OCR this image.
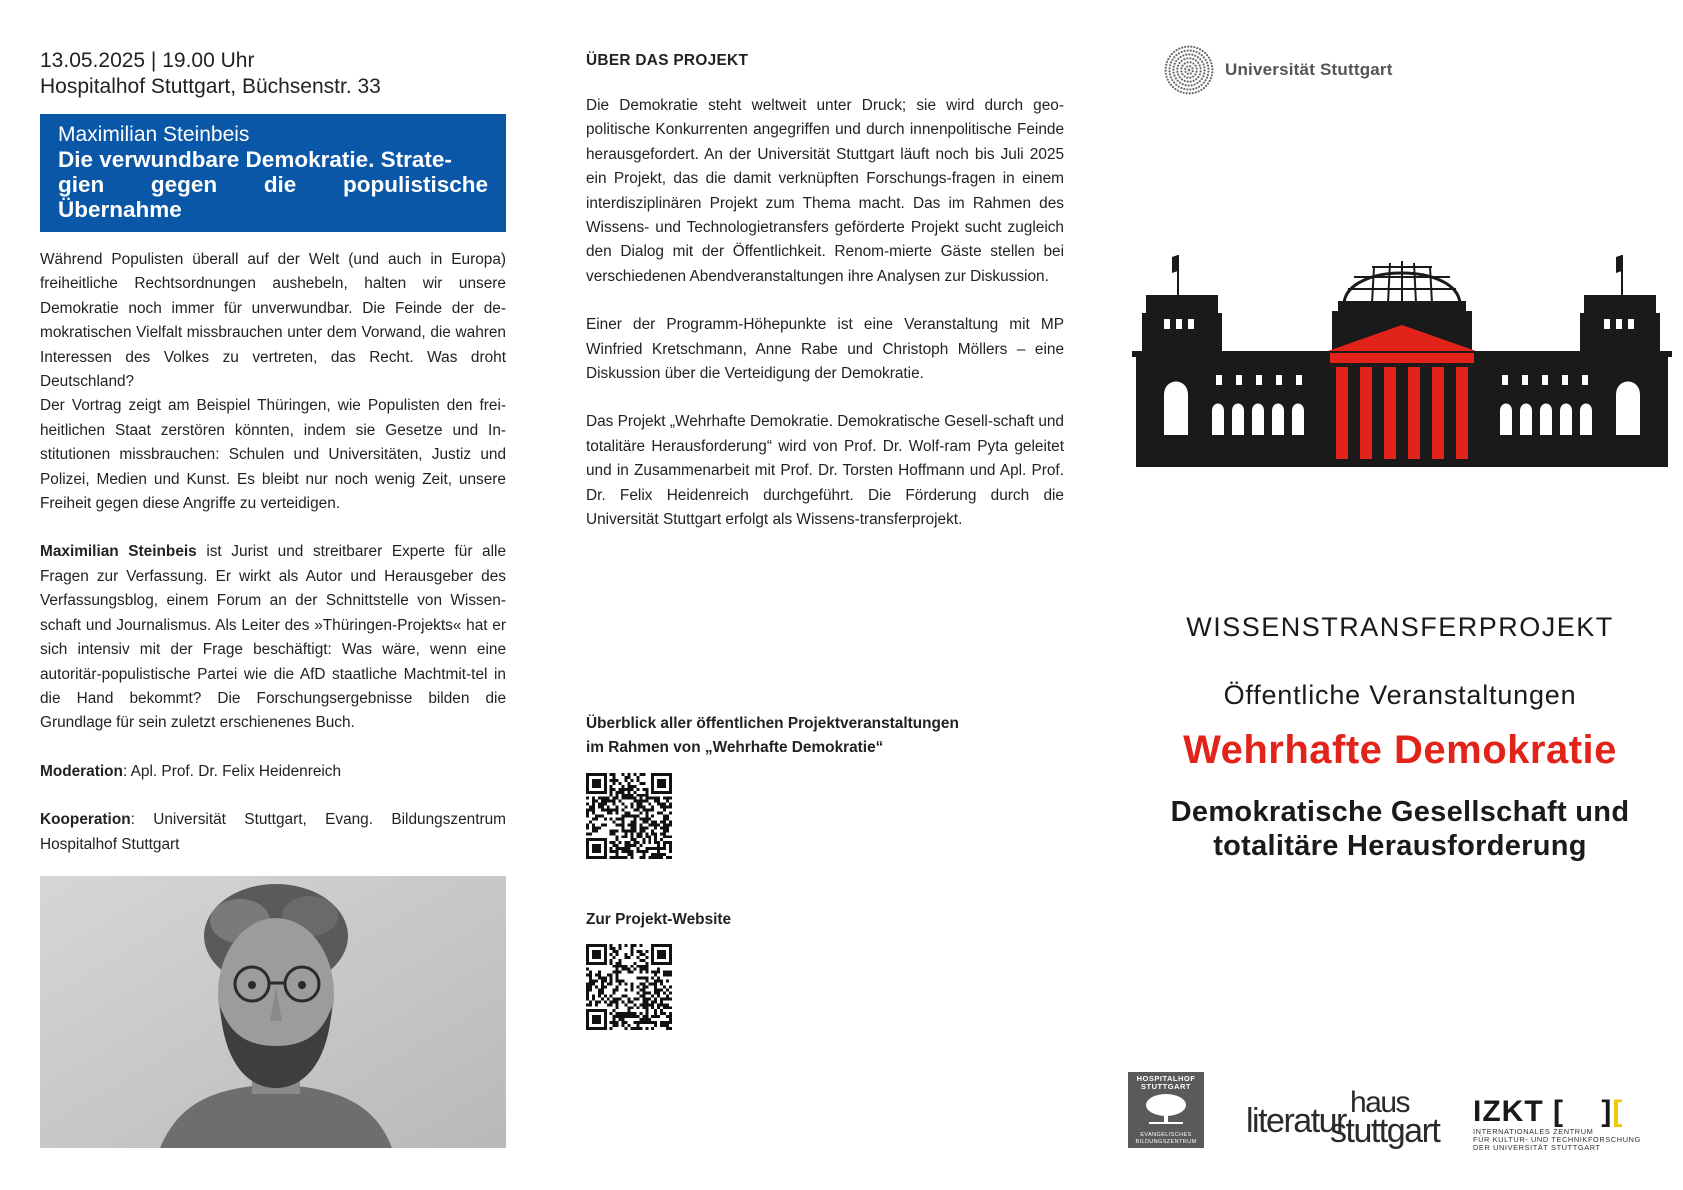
13.05.2025 | 19.00 Uhr
Hospitalhof Stuttgart, Büchsenstr. 33
Maximilian Steinbeis
Die verwundbare Demokratie. Strate-
gien gegen die populistische Übernahme

Während Populisten überall auf der Welt (und auch in Europa) freiheitliche Rechtsordnungen aushebeln, halten wir unsere Demokratie noch immer für unverwundbar. Die Feinde der de-mokratischen Vielfalt missbrauchen unter dem Vorwand, die wahren Interessen des Volkes zu vertreten, das Recht. Was droht Deutschland?

Der Vortrag zeigt am Beispiel Thüringen, wie Populisten den frei-heitlichen Staat zerstören könnten, indem sie Gesetze und In-stitutionen missbrauchen: Schulen und Universitäten, Justiz und Polizei, Medien und Kunst. Es bleibt nur noch wenig Zeit, unsere Freiheit gegen diese Angriffe zu verteidigen.

Maximilian Steinbeis ist Jurist und streitbarer Experte für alle Fragen zur Verfassung. Er wirkt als Autor und Herausgeber des Verfassungsblog, einem Forum an der Schnittstelle von Wissen-schaft und Journalismus. Als Leiter des »Thüringen-Projekts« hat er sich intensiv mit der Frage beschäftigt: Was wäre, wenn eine autoritär-populistische Partei wie die AfD staatliche Machtmit-tel in die Hand bekommt? Die Forschungsergebnisse bilden die Grundlage für sein zuletzt erschienenes Buch.

Moderation: Apl. Prof. Dr. Felix Heidenreich

Kooperation: Universität Stuttgart, Evang. Bildungszentrum Hospitalhof Stuttgart

ÜBER DAS PROJEKT

Die Demokratie steht weltweit unter Druck; sie wird durch geo-politische Konkurrenten angegriffen und durch innenpolitische Feinde herausgefordert. An der Universität Stuttgart läuft noch bis Juli 2025 ein Projekt, das die damit verknüpften Forschungs-fragen in einem interdisziplinären Projekt zum Thema macht. Das im Rahmen des Wissens- und Technologietransfers geförderte Projekt sucht zugleich den Dialog mit der Öffentlichkeit. Renom-mierte Gäste stellen bei verschiedenen Abendveranstaltungen ihre Analysen zur Diskussion.

Einer der Programm-Höhepunkte ist eine Veranstaltung mit MP Winfried Kretschmann, Anne Rabe und Christoph Möllers – eine Diskussion über die Verteidigung der Demokratie.

Das Projekt „Wehrhafte Demokratie. Demokratische Gesell-schaft und totalitäre Herausforderung“ wird von Prof. Dr. Wolf-ram Pyta geleitet und in Zusammenarbeit mit Prof. Dr. Torsten Hoffmann und Apl. Prof. Dr. Felix Heidenreich durchgeführt. Die Förderung durch die Universität Stuttgart erfolgt als Wissens-transferprojekt.

Überblick aller öffentlichen Projektveranstaltungen
im Rahmen von „Wehrhafte Demokratie“
Zur Projekt-Website
Universität Stuttgart
WISSENSTRANSFERPROJEKT
Öffentliche Veranstaltungen
Wehrhafte Demokratie
Demokratische Gesellschaft und
totalitäre Herausforderung
HOSPITALHOF STUTTGART
EVANGELISCHES BILDUNGSZENTRUM
literatur haus
stuttgart
IZKT [ ][
INTERNATIONALES ZENTRUM
FÜR KULTUR- UND TECHNIKFORSCHUNG
DER UNIVERSITÄT STUTTGART
